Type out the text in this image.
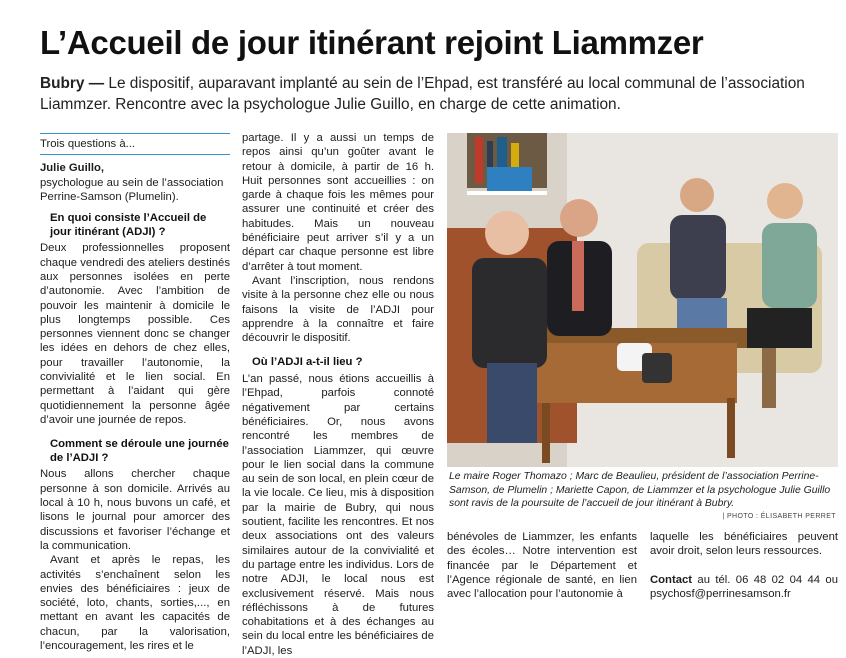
L’Accueil de jour itinérant rejoint Liammzer
Bubry — Le dispositif, auparavant implanté au sein de l’Ehpad, est transféré au local communal de l’association Liammzer. Rencontre avec la psychologue Julie Guillo, en charge de cette animation.
Trois questions à...
Julie Guillo,
psychologue au sein de l’association Perrine-Samson (Plumelin).
En quoi consiste l’Accueil de jour itinérant (ADJI) ?

Deux professionnelles proposent chaque vendredi des ateliers destinés aux personnes isolées en perte d’autonomie. Avec l’ambition de pouvoir les maintenir à domicile le plus longtemps possible. Ces personnes viennent donc se changer les idées en dehors de chez elles, pour travailler l’autonomie, la convivialité et le lien social. En permettant à l’aidant qui gère quotidiennement la personne âgée d’avoir une journée de repos.

Comment se déroule une journée de l’ADJI ?

Nous allons chercher chaque personne à son domicile. Arrivés au local à 10 h, nous buvons un café, et lisons le journal pour amorcer des discussions et favoriser l’échange et la communication.

Avant et après le repas, les activités s’enchaînent selon les envies des bénéficiaires : jeux de société, loto, chants, sorties,..., en mettant en avant les capacités de chacun, par la valorisation, l’encouragement, les rires et le

partage. Il y a aussi un temps de repos ainsi qu’un goûter avant le retour à domicile, à partir de 16 h. Huit personnes sont accueillies : on garde à chaque fois les mêmes pour assurer une continuité et créer des habitudes. Mais un nouveau bénéficiaire peut arriver s’il y a un départ car chaque personne est libre d’arrêter à tout moment.

Avant l’inscription, nous rendons visite à la personne chez elle ou nous faisons la visite de l’ADJI pour apprendre à la connaître et faire découvrir le dispositif.

Où l’ADJI a-t-il lieu ?

L’an passé, nous étions accueillis à l’Ehpad, parfois connoté négativement par certains bénéficiaires. Or, nous avons rencontré les membres de l’association Liammzer, qui œuvre pour le lien social dans la commune au sein de son local, en plein cœur de la vie locale. Ce lieu, mis à disposition par la mairie de Bubry, qui nous soutient, facilite les rencontres. Et nos deux associations ont des valeurs similaires autour de la convivialité et du partage entre les individus. Lors de notre ADJI, le local nous est exclusivement réservé. Mais nous réfléchissons à de futures cohabitations et à des échanges au sein du local entre les bénéficiaires de l’ADJI, les

Le maire Roger Thomazo ; Marc de Beaulieu, président de l’association Perrine-Samson, de Plumelin ; Mariette Capon, de Liammzer et la psychologue Julie Guillo sont ravis de la poursuite de l’accueil de jour itinérant à Bubry.
| PHOTO : ÉLISABETH PERRET

bénévoles de Liammzer, les enfants des écoles… Notre intervention est financée par le Département et l’Agence régionale de santé, en lien avec l’allocation pour l’autonomie à

laquelle les bénéficiaires peuvent avoir droit, selon leurs ressources.

Contact au tél. 06 48 02 04 44 ou psychosf@perrinesamson.fr
